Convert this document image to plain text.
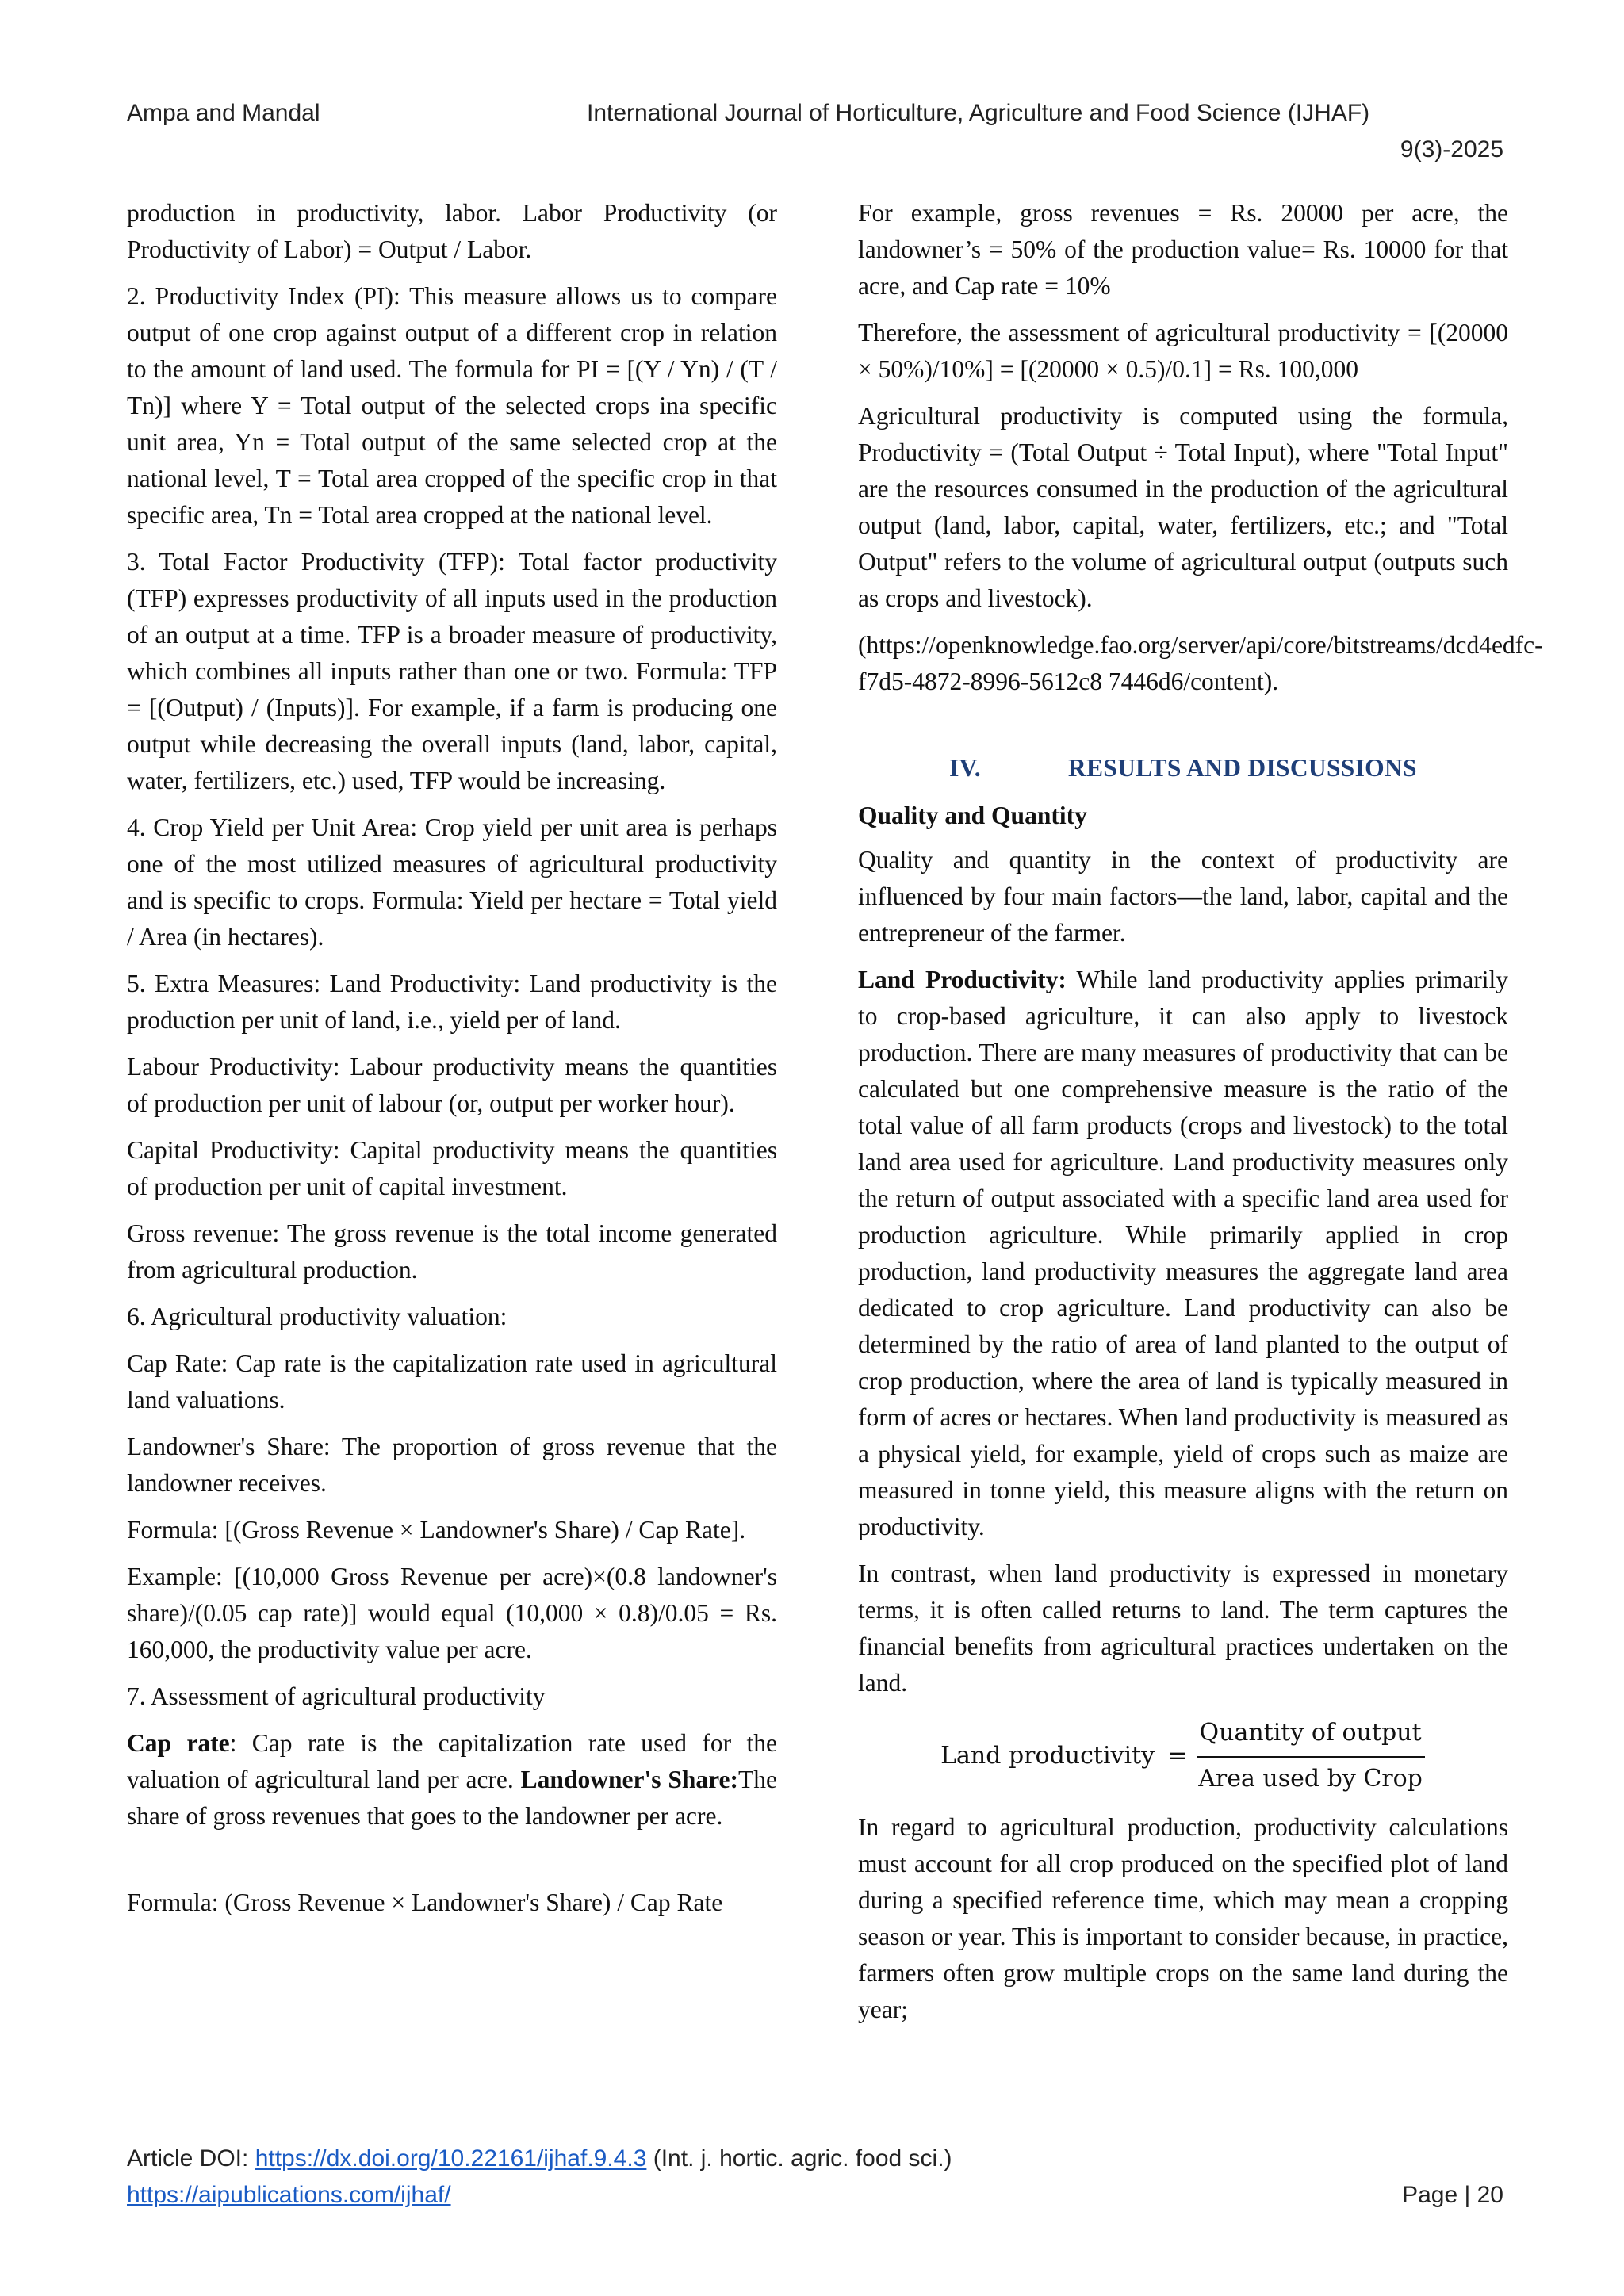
Ampa and Mandal	International Journal of Horticulture, Agriculture and Food Science (IJHAF)
9(3)-2025

production in productivity, labor. Labor Productivity (or Productivity of Labor) = Output / Labor.

2. Productivity Index (PI): This measure allows us to compare output of one crop against output of a different crop in relation to the amount of land used. The formula for PI = [(Y / Yn) / (T / Tn)] where Y = Total output of the selected crops ina specific unit area, Yn = Total output of the same selected crop at the national level, T = Total area cropped of the specific crop in that specific area, Tn = Total area cropped at the national level.

3. Total Factor Productivity (TFP): Total factor productivity (TFP) expresses productivity of all inputs used in the production of an output at a time. TFP is a broader measure of productivity, which combines all inputs rather than one or two. Formula: TFP = [(Output) / (Inputs)]. For example, if a farm is producing one output while decreasing the overall inputs (land, labor, capital, water, fertilizers, etc.) used, TFP would be increasing.

4. Crop Yield per Unit Area: Crop yield per unit area is perhaps one of the most utilized measures of agricultural productivity and is specific to crops. Formula: Yield per hectare = Total yield / Area (in hectares).

5. Extra Measures: Land Productivity: Land productivity is the production per unit of land, i.e., yield per of land.

Labour Productivity: Labour productivity means the quantities of production per unit of labour (or, output per worker hour).

Capital Productivity: Capital productivity means the quantities of production per unit of capital investment.

Gross revenue: The gross revenue is the total income generated from agricultural production.

6. Agricultural productivity valuation:

Cap Rate: Cap rate is the capitalization rate used in agricultural land valuations.

Landowner's Share: The proportion of gross revenue that the landowner receives.

Formula: [(Gross Revenue × Landowner's Share) / Cap Rate].

Example: [(10,000 Gross Revenue per acre)×(0.8 landowner's share)/(0.05 cap rate)] would equal (10,000 × 0.8)/0.05 = Rs. 160,000, the productivity value per acre.

7. Assessment of agricultural productivity

Cap rate: Cap rate is the capitalization rate used for the valuation of agricultural land per acre. Landowner's Share:The share of gross revenues that goes to the landowner per acre.

Formula: (Gross Revenue × Landowner's Share) / Cap Rate

For example, gross revenues = Rs. 20000 per acre, the landowner’s = 50% of the production value= Rs. 10000 for that acre, and Cap rate = 10%

Therefore, the assessment of agricultural productivity = [(20000 × 50%)/10%] = [(20000 × 0.5)/0.1] = Rs. 100,000

Agricultural productivity is computed using the formula, Productivity = (Total Output ÷ Total Input), where "Total Input" are the resources consumed in the production of the agricultural output (land, labor, capital, water, fertilizers, etc.; and "Total Output" refers to the volume of agricultural output (outputs such as crops and livestock).

(https://openknowledge.fao.org/server/api/core/bitstreams/dcd4edfc-f7d5-4872-8996-5612c8 7446d6/content).

IV.	RESULTS AND DISCUSSIONS
Quality and Quantity

Quality and quantity in the context of productivity are influenced by four main factors—the land, labor, capital and the entrepreneur of the farmer.

Land Productivity: While land productivity applies primarily to crop-based agriculture, it can also apply to livestock production. There are many measures of productivity that can be calculated but one comprehensive measure is the ratio of the total value of all farm products (crops and livestock) to the total land area used for agriculture. Land productivity measures only the return of output associated with a specific land area used for production agriculture. While primarily applied in crop production, land productivity measures the aggregate land area dedicated to crop agriculture. Land productivity can also be determined by the ratio of area of land planted to the output of crop production, where the area of land is typically measured in form of acres or hectares. When land productivity is measured as a physical yield, for example, yield of crops such as maize are measured in tonne yield, this measure aligns with the return on productivity.

In contrast, when land productivity is expressed in monetary terms, it is often called returns to land. The term captures the financial benefits from agricultural practices undertaken on the land.

Land productivity = $\frac{\text{Quantity of output}}{\text{Area used by Crop}}$

In regard to agricultural production, productivity calculations must account for all crop produced on the specified plot of land during a specified reference time, which may mean a cropping season or year. This is important to consider because, in practice, farmers often grow multiple crops on the same land during the year;

Article DOI: https://dx.doi.org/10.22161/ijhaf.9.4.3 (Int. j. hortic. agric. food sci.)
https://aipublications.com/ijhaf/	Page | 20
